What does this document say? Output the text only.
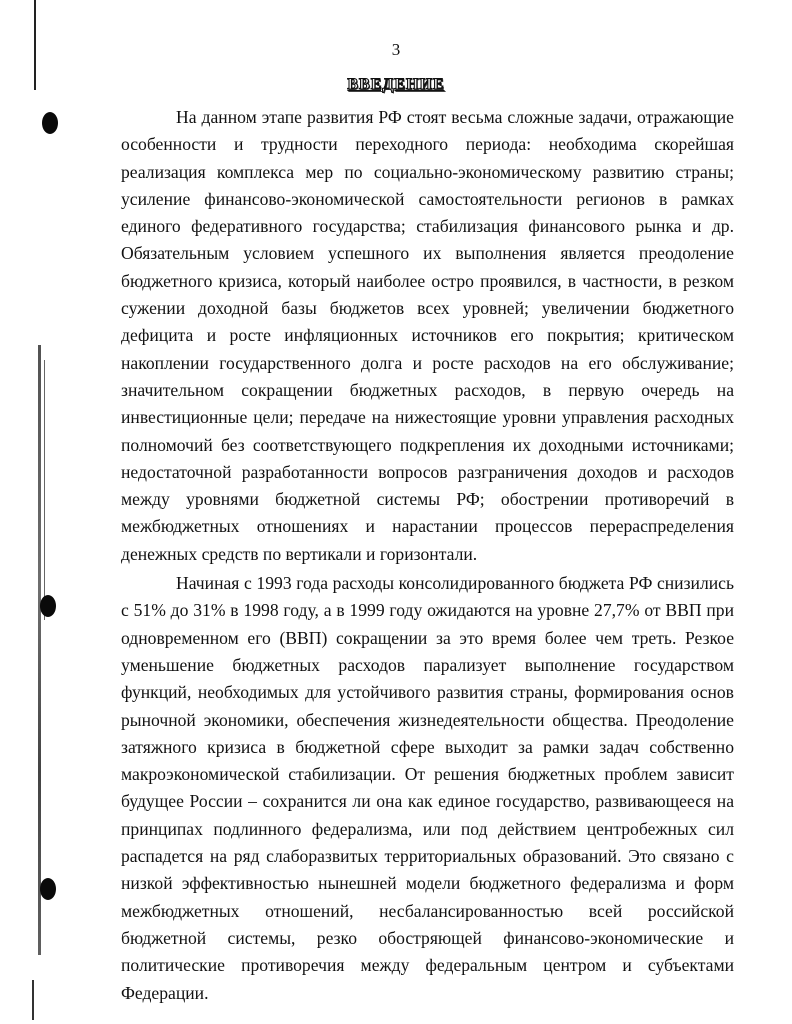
3
ВВЕДЕНИЕ

На данном этапе развития РФ стоят весьма сложные задачи, отражающие особенности и трудности переходного периода: необходима скорейшая реализация комплекса мер по социально-экономическому развитию страны; усиление финансово-экономической самостоятельности регионов в рамках единого федеративного государства; стабилизация финансового рынка и др. Обязательным условием успешного их выполнения является преодоление бюджетного кризиса, который наиболее остро проявился, в частности, в резком сужении доходной базы бюджетов всех уровней; увеличении бюджетного дефицита и росте инфляционных источников его покрытия; критическом накоплении государственного долга и росте расходов на его обслуживание; значительном сокращении бюджетных расходов, в первую очередь на инвестиционные цели; передаче на нижестоящие уровни управления расходных полномочий без соответствующего подкрепления их доходными источниками; недостаточной разработанности вопросов разграничения доходов и расходов между уровнями бюджетной системы РФ; обострении противоречий в межбюджетных отношениях и нарастании процессов перераспределения денежных средств по вертикали и горизонтали.

Начиная с 1993 года расходы консолидированного бюджета РФ снизились с 51% до 31% в 1998 году, а в 1999 году ожидаются на уровне 27,7% от ВВП при одновременном его (ВВП) сокращении за это время более чем треть. Резкое уменьшение бюджетных расходов парализует выполнение государством функций, необходимых для устойчивого развития страны, формирования основ рыночной экономики, обеспечения жизнедеятельности общества. Преодоление затяжного кризиса в бюджетной сфере выходит за рамки задач собственно макроэкономической стабилизации. От решения бюджетных проблем зависит будущее России – сохранится ли она как единое государство, развивающееся на принципах подлинного федерализма, или под действием центробежных сил распадется на ряд слаборазвитых территориальных образований. Это связано с низкой эффективностью нынешней модели бюджетного федерализма и форм межбюджетных отношений, несбалансированностью всей российской бюджетной системы, резко обостряющей финансово-экономические и политические противоречия между федеральным центром и субъектами Федерации.
